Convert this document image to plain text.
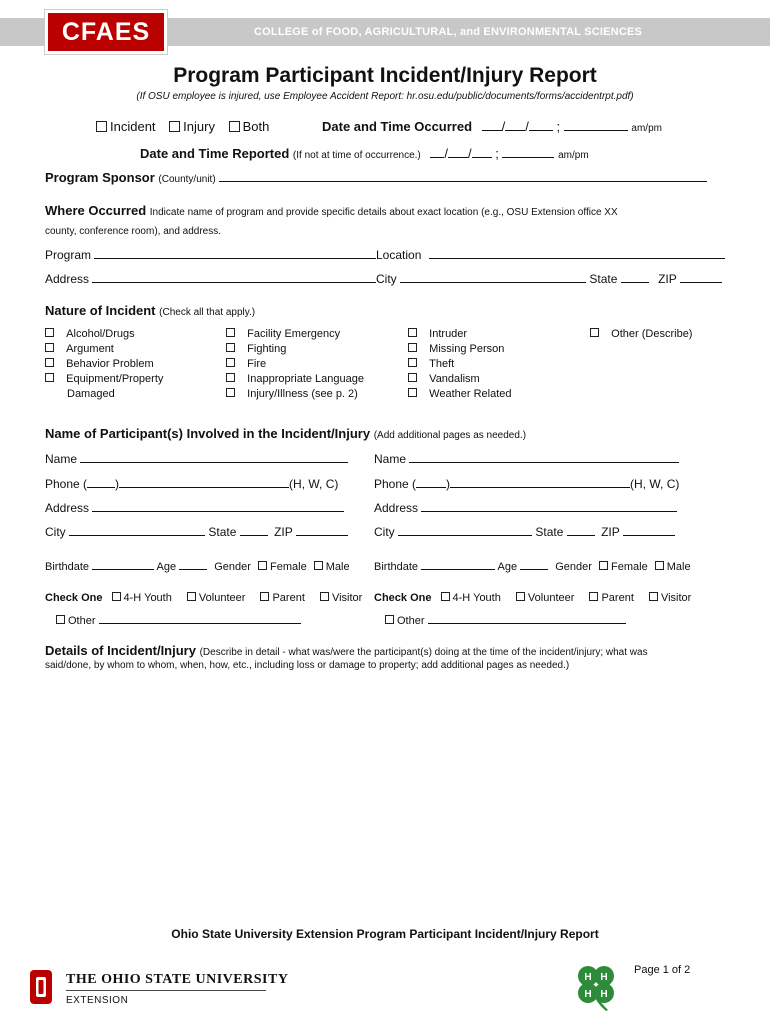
CFAES	COLLEGE of FOOD, AGRICULTURAL, and ENVIRONMENTAL SCIENCES
Program Participant Incident/Injury Report
(If OSU employee is injured, use Employee Accident Report: hr.osu.edu/public/documents/forms/accidentrpt.pdf)
Incident Injury Both	Date and Time Occurred / / ;	am/pm
Date and Time Reported (If not at time of occurrence.) / / ;	am/pm
Program Sponsor (County/unit)
Where Occurred Indicate name of program and provide specific details about exact location (e.g., OSU Extension office XX
county, conference room), and address.
Program	Location
Address	City	State	ZIP
Nature of Incident (Check all that apply.)
Alcohol/Drugs
Argument
Behavior Problem
Equipment/Property
Damaged
Facility Emergency
Fighting
Fire
Inappropriate Language
Injury/Illness (see p. 2)
Intruder
Missing Person
Theft
Vandalism
Weather Related
Other (Describe)
Name of Participant(s) Involved in the Incident/Injury (Add additional pages as needed.)
Name
Phone ( )	(H, W, C)
Address
City	State	ZIP
Birthdate	Age	Gender Female Male
Check One 4-H Youth Volunteer Parent Visitor
Other
Name
Phone (	)	(H, W, C)
Address
City	State	ZIP
Birthdate	Age	Gender Female Male
Check One 4-H Youth Volunteer Parent Visitor
Other
Details of Incident/Injury (Describe in detail - what was/were the participant(s) doing at the time of the incident/injury; what was
said/done, by whom to whom, when, how, etc., including loss or damage to property; add additional pages as needed.)
Ohio State University Extension Program Participant Incident/Injury Report
Page 1 of 2
THE OHIO STATE UNIVERSITY
EXTENSION
H H
H H
